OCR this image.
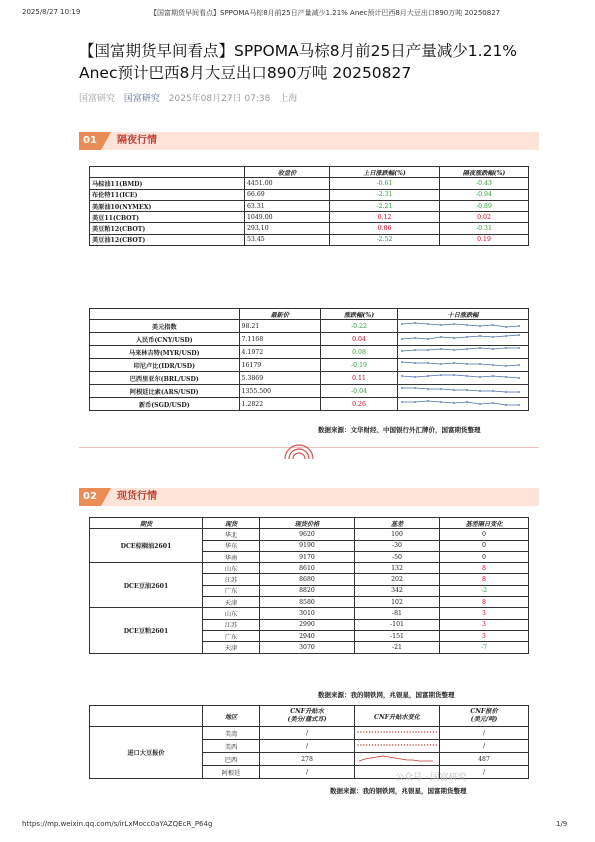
2025/8/27 10:19	【国富期货早间看点】SPPOMA马棕8月前25日产量减少1.21% Anec预计巴西8月大豆出口890万吨 20250827
【国富期货早间看点】SPPOMA马棕8月前25日产量减少1.21%
Anec预计巴西8月大豆出口890万吨 20250827
国富研究 国富研究 2025年08月27日 07:38 上海
01	隔夜行情
	收盘价	上日涨跌幅(%)	隔夜涨跌幅(%)
马棕油11(BMD)	4451.00	-0.61	-0.43
布伦特11(ICE)	66.69	-2.31	-0.94
美原油10(NYMEX)	63.31	-2.21	-0.89
美豆11(CBOT)	1049.00	0.12	0.02
美豆粕12(CBOT)	293.10	0.86	-0.31
美豆油12(CBOT)	53.45	-2.52	0.19
	最新价	涨跌幅(%)	十日涨跌幅
美元指数	98.21	-0.22	
人民币(CNY/USD)	7.1168	0.04	
马来林吉特(MYR/USD)	4.1972	0.08	
印尼卢比(IDR/USD)	16179	-0.19	
巴西里亚尔(BRL/USD)	5.3869	0.11	
阿根廷比索(ARS/USD)	1355.500	-0.04	
新币(SGD/USD)	1.2822	0.26	
数据来源：文华财经、中国银行外汇牌价，国富期货整理
02	现货行情
期货	现货	现货价格	基差	基差隔日变化
DCE棕榈油2601	华北	9620	100	0
	华东	9190	-30	0
	华南	9170	-50	0
DCE豆油2601	山东	8610	132	8
	江苏	8680	202	8
	广东	8820	342	-2
	天津	8580	102	8
DCE豆粕2601	山东	3010	-81	3
	江苏	2990	-101	3
	广东	2940	-151	3
	天津	3070	-21	-7
数据来源：我的钢铁网，兆银星，国富期货整理
	地区	CNF升贴水
(美分/蒲式耳)	CNF升贴水变化	CNF报价
(美元/吨)
进口大豆报价	美湾	/		/
	美西	/		/
	巴西	278		487
	阿根廷	/		/
公众号 · 国富研究
数据来源：我的钢铁网，兆银星，国富期货整理
https://mp.weixin.qq.com/s/irLxMocc0aYAZQEcR_P64g	1/9
